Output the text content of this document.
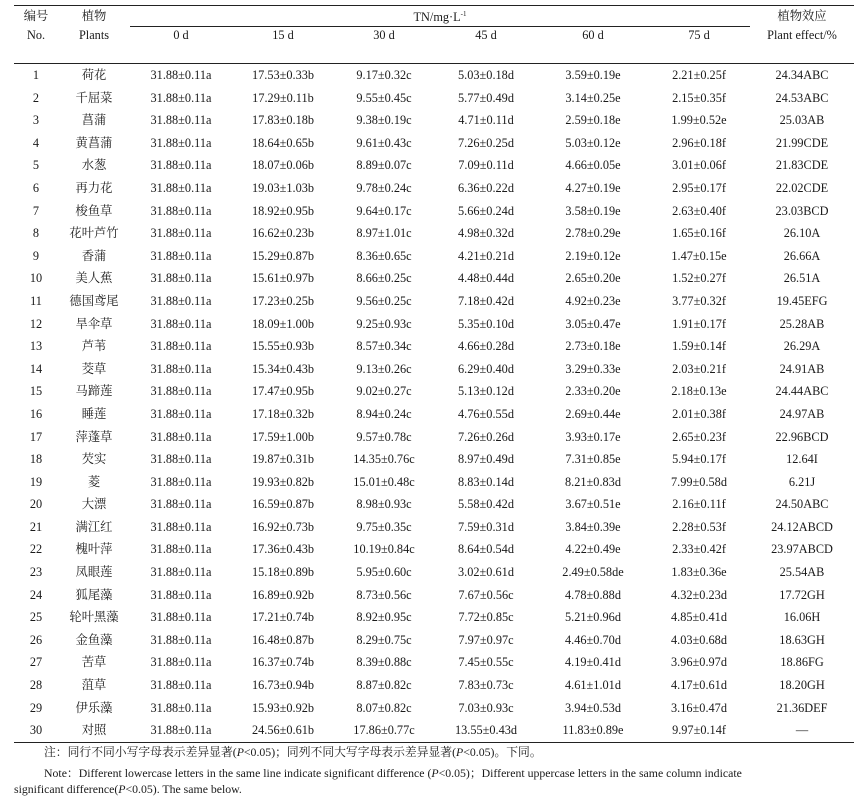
编号	植物	$TN/mg\cdot L^{-1}$						植物效应
No.	Plants	0 d	15 d	30 d	45 d	60 d	75 d	Plant effect/%

1	荷花	31.88±0.11a	17.53±0.33b	9.17±0.32c	5.03±0.18d	3.59±0.19e	2.21±0.25f	24.34ABC
2	千屈菜	31.88±0.11a	17.29±0.11b	9.55±0.45c	5.77±0.49d	3.14±0.25e	2.15±0.35f	24.53ABC
3	菖蒲	31.88±0.11a	17.83±0.18b	9.38±0.19c	4.71±0.11d	2.59±0.18e	1.99±0.52e	25.03AB
4	黄菖蒲	31.88±0.11a	18.64±0.65b	9.61±0.43c	7.26±0.25d	5.03±0.12e	2.96±0.18f	21.99CDE
5	水葱	31.88±0.11a	18.07±0.06b	8.89±0.07c	7.09±0.11d	4.66±0.05e	3.01±0.06f	21.83CDE
6	再力花	31.88±0.11a	19.03±1.03b	9.78±0.24c	6.36±0.22d	4.27±0.19e	2.95±0.17f	22.02CDE
7	梭鱼草	31.88±0.11a	18.92±0.95b	9.64±0.17c	5.66±0.24d	3.58±0.19e	2.63±0.40f	23.03BCD
8	花叶芦竹	31.88±0.11a	16.62±0.23b	8.97±1.01c	4.98±0.32d	2.78±0.29e	1.65±0.16f	26.10A
9	香蒲	31.88±0.11a	15.29±0.87b	8.36±0.65c	4.21±0.21d	2.19±0.12e	1.47±0.15e	26.66A
10	美人蕉	31.88±0.11a	15.61±0.97b	8.66±0.25c	4.48±0.44d	2.65±0.20e	1.52±0.27f	26.51A
11	德国鸢尾	31.88±0.11a	17.23±0.25b	9.56±0.25c	7.18±0.42d	4.92±0.23e	3.77±0.32f	19.45EFG
12	旱伞草	31.88±0.11a	18.09±1.00b	9.25±0.93c	5.35±0.10d	3.05±0.47e	1.91±0.17f	25.28AB
13	芦苇	31.88±0.11a	15.55±0.93b	8.57±0.34c	4.66±0.28d	2.73±0.18e	1.59±0.14f	26.29A
14	茭草	31.88±0.11a	15.34±0.43b	9.13±0.26c	6.29±0.40d	3.29±0.33e	2.03±0.21f	24.91AB
15	马蹄莲	31.88±0.11a	17.47±0.95b	9.02±0.27c	5.13±0.12d	2.33±0.20e	2.18±0.13e	24.44ABC
16	睡莲	31.88±0.11a	17.18±0.32b	8.94±0.24c	4.76±0.55d	2.69±0.44e	2.01±0.38f	24.97AB
17	萍蓬草	31.88±0.11a	17.59±1.00b	9.57±0.78c	7.26±0.26d	3.93±0.17e	2.65±0.23f	22.96BCD
18	芡实	31.88±0.11a	19.87±0.31b	14.35±0.76c	8.97±0.49d	7.31±0.85e	5.94±0.17f	12.64I
19	菱	31.88±0.11a	19.93±0.82b	15.01±0.48c	8.83±0.14d	8.21±0.83d	7.99±0.58d	6.21J
20	大漂	31.88±0.11a	16.59±0.87b	8.98±0.93c	5.58±0.42d	3.67±0.51e	2.16±0.11f	24.50ABC
21	满江红	31.88±0.11a	16.92±0.73b	9.75±0.35c	7.59±0.31d	3.84±0.39e	2.28±0.53f	24.12ABCD
22	槐叶萍	31.88±0.11a	17.36±0.43b	10.19±0.84c	8.64±0.54d	4.22±0.49e	2.33±0.42f	23.97ABCD
23	凤眼莲	31.88±0.11a	15.18±0.89b	5.95±0.60c	3.02±0.61d	2.49±0.58de	1.83±0.36e	25.54AB
24	狐尾藻	31.88±0.11a	16.89±0.92b	8.73±0.56c	7.67±0.56c	4.78±0.88d	4.32±0.23d	17.72GH
25	轮叶黑藻	31.88±0.11a	17.21±0.74b	8.92±0.95c	7.72±0.85c	5.21±0.96d	4.85±0.41d	16.06H
26	金鱼藻	31.88±0.11a	16.48±0.87b	8.29±0.75c	7.97±0.97c	4.46±0.70d	4.03±0.68d	18.63GH
27	苦草	31.88±0.11a	16.37±0.74b	8.39±0.88c	7.45±0.55c	4.19±0.41d	3.96±0.97d	18.86FG
28	菹草	31.88±0.11a	16.73±0.94b	8.87±0.82c	7.83±0.73c	4.61±1.01d	4.17±0.61d	18.20GH
29	伊乐藻	31.88±0.11a	15.93±0.92b	8.07±0.82c	7.03±0.93c	3.94±0.53d	3.16±0.47d	21.36DEF
30	对照	31.88±0.11a	24.56±0.61b	17.86±0.77c	13.55±0.43d	11.83±0.89e	9.97±0.14f	—
注：同行不同小写字母表示差异显著(P<0.05)；同列不同大写字母表示差异显著(P<0.05)。下同。
Note：Different lowercase letters in the same line indicate significant difference (P<0.05)；Different uppercase letters in the same column indicate
significant difference(P<0.05). The same below.
